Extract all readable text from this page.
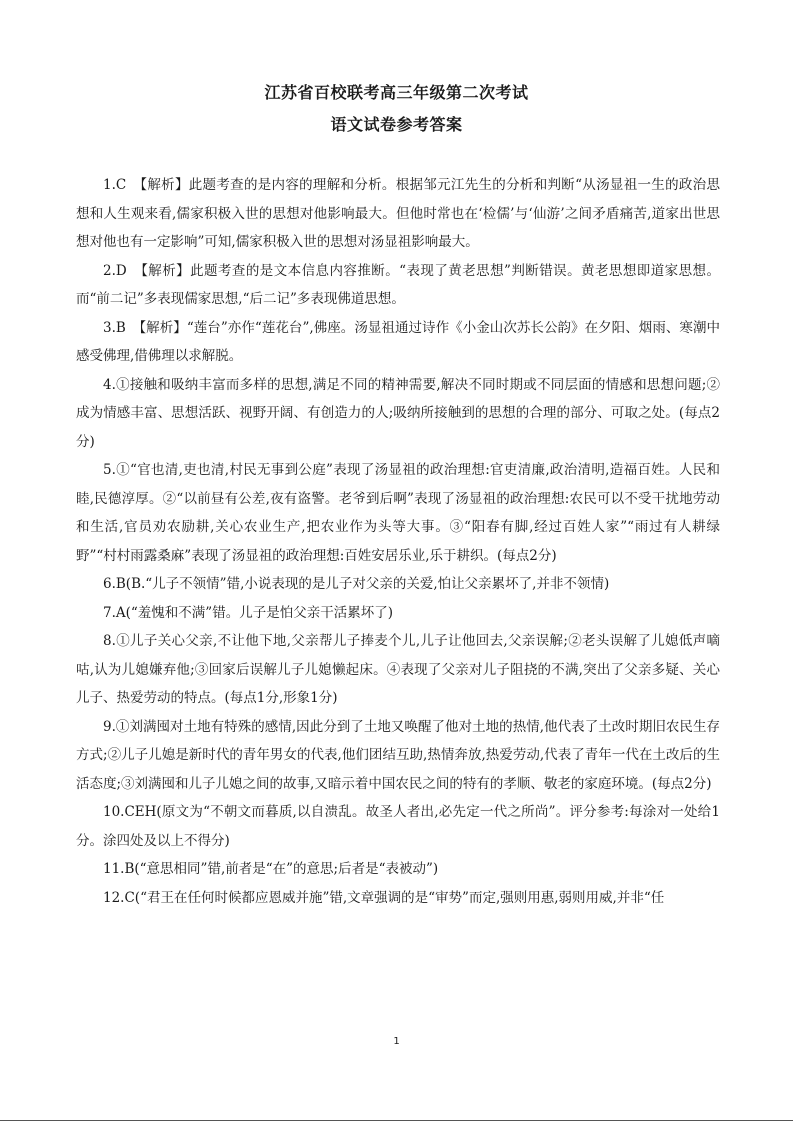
江苏省百校联考高三年级第二次考试
语文试卷参考答案

1.C　【解析】此题考查的是内容的理解和分析。根据邹元江先生的分析和判断“从汤显祖一生的政治思想和人生观来看,儒家积极入世的思想对他影响最大。但他时常也在‘检儒’与‘仙游’之间矛盾痛苦,道家出世思想对他也有一定影响”可知,儒家积极入世的思想对汤显祖影响最大。

2.D　【解析】此题考查的是文本信息内容推断。“表现了黄老思想”判断错误。黄老思想即道家思想。而“前二记”多表现儒家思想,“后二记”多表现佛道思想。

3.B　【解析】“莲台”亦作“莲花台”,佛座。汤显祖通过诗作《小金山次苏长公韵》在夕阳、烟雨、寒潮中感受佛理,借佛理以求解脱。

4.①接触和吸纳丰富而多样的思想,满足不同的精神需要,解决不同时期或不同层面的情感和思想问题;②成为情感丰富、思想活跃、视野开阔、有创造力的人;吸纳所接触到的思想的合理的部分、可取之处。(每点2分)

5.①“官也清,吏也清,村民无事到公庭”表现了汤显祖的政治理想:官吏清廉,政治清明,造福百姓。人民和睦,民德淳厚。②“以前昼有公差,夜有盗警。老爷到后啊”表现了汤显祖的政治理想:农民可以不受干扰地劳动和生活,官员劝农励耕,关心农业生产,把农业作为头等大事。③“阳春有脚,经过百姓人家”“雨过有人耕绿野”“村村雨露桑麻”表现了汤显祖的政治理想:百姓安居乐业,乐于耕织。(每点2分)

6.B(B.“儿子不领情”错,小说表现的是儿子对父亲的关爱,怕让父亲累坏了,并非不领情)

7.A(“羞愧和不满”错。儿子是怕父亲干活累坏了)

8.①儿子关心父亲,不让他下地,父亲帮儿子捧麦个儿,儿子让他回去,父亲误解;②老头误解了儿媳低声嘀咕,认为儿媳嫌弃他;③回家后误解儿子儿媳懒起床。④表现了父亲对儿子阻挠的不满,突出了父亲多疑、关心儿子、热爱劳动的特点。(每点1分,形象1分)

9.①刘满囤对土地有特殊的感情,因此分到了土地又唤醒了他对土地的热情,他代表了土改时期旧农民生存方式;②儿子儿媳是新时代的青年男女的代表,他们团结互助,热情奔放,热爱劳动,代表了青年一代在土改后的生活态度;③刘满囤和儿子儿媳之间的故事,又暗示着中国农民之间的特有的孝顺、敬老的家庭环境。(每点2分)

10.CEH(原文为“不朝文而暮质,以自溃乱。故圣人者出,必先定一代之所尚”。评分参考:每涂对一处给1分。涂四处及以上不得分)

11.B(“意思相同”错,前者是“在”的意思;后者是“表被动”)

12.C(“君王在任何时候都应恩威并施”错,文章强调的是“审势”而定,强则用惠,弱则用威,并非“任

1
